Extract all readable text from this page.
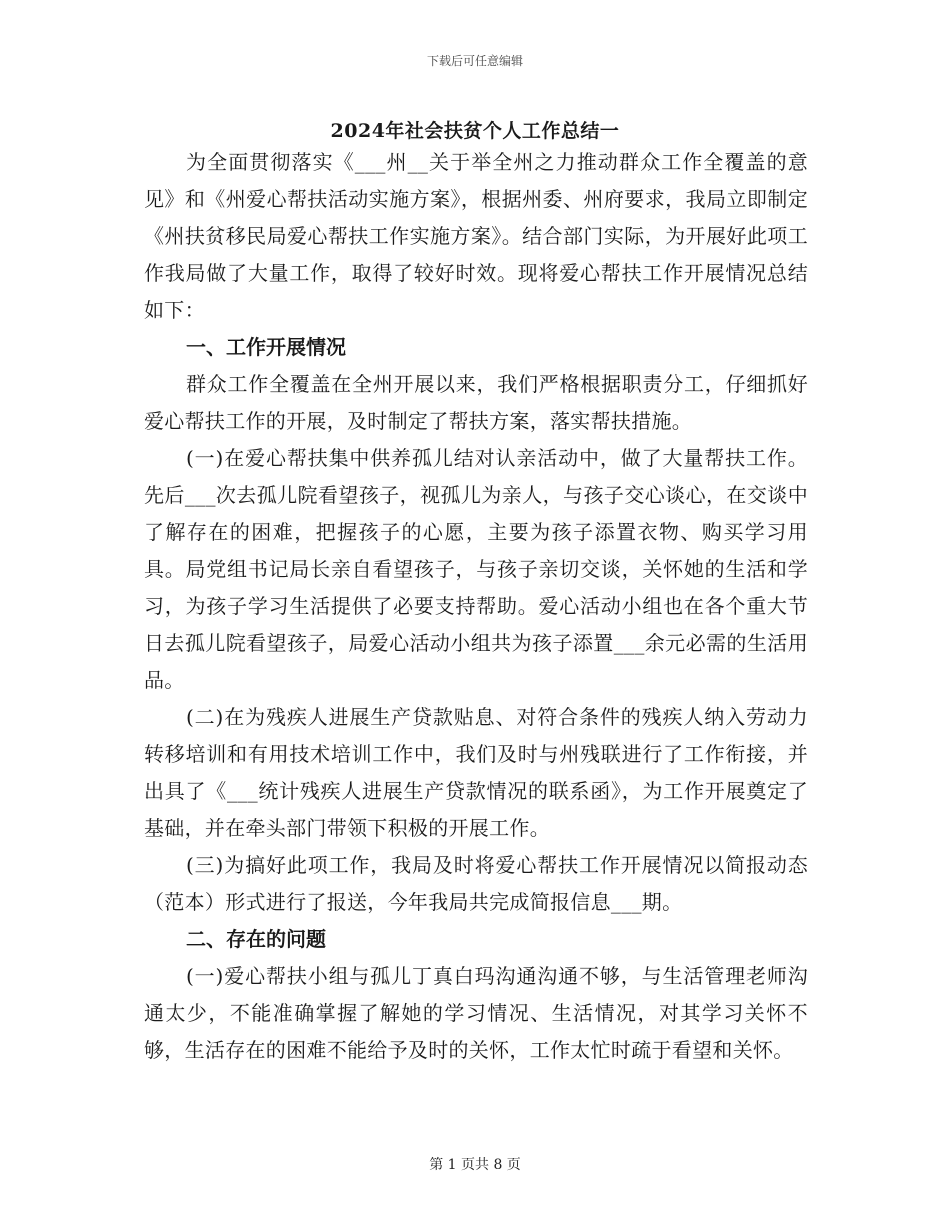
下载后可任意编辑
2024年社会扶贫个人工作总结一

为全面贯彻落实《___州__关于举全州之力推动群众工作全覆盖的意见》和《州爱心帮扶活动实施方案》，根据州委、州府要求，我局立即制定《州扶贫移民局爱心帮扶工作实施方案》。结合部门实际，为开展好此项工作我局做了大量工作，取得了较好时效。现将爱心帮扶工作开展情况总结如下：

一、工作开展情况

群众工作全覆盖在全州开展以来，我们严格根据职责分工，仔细抓好爱心帮扶工作的开展，及时制定了帮扶方案，落实帮扶措施。

(一)在爱心帮扶集中供养孤儿结对认亲活动中，做了大量帮扶工作。先后___次去孤儿院看望孩子，视孤儿为亲人，与孩子交心谈心，在交谈中了解存在的困难，把握孩子的心愿，主要为孩子添置衣物、购买学习用具。局党组书记局长亲自看望孩子，与孩子亲切交谈，关怀她的生活和学习，为孩子学习生活提供了必要支持帮助。爱心活动小组也在各个重大节日去孤儿院看望孩子，局爱心活动小组共为孩子添置___余元必需的生活用品。

(二)在为残疾人进展生产贷款贴息、对符合条件的残疾人纳入劳动力转移培训和有用技术培训工作中，我们及时与州残联进行了工作衔接，并出具了《___统计残疾人进展生产贷款情况的联系函》，为工作开展奠定了基础，并在牵头部门带领下积极的开展工作。

(三)为搞好此项工作，我局及时将爱心帮扶工作开展情况以简报动态（范本）形式进行了报送，今年我局共完成简报信息___期。

二、存在的问题

(一)爱心帮扶小组与孤儿丁真白玛沟通沟通不够，与生活管理老师沟通太少，不能准确掌握了解她的学习情况、生活情况，对其学习关怀不够，生活存在的困难不能给予及时的关怀，工作太忙时疏于看望和关怀。

第 1 页共 8 页
